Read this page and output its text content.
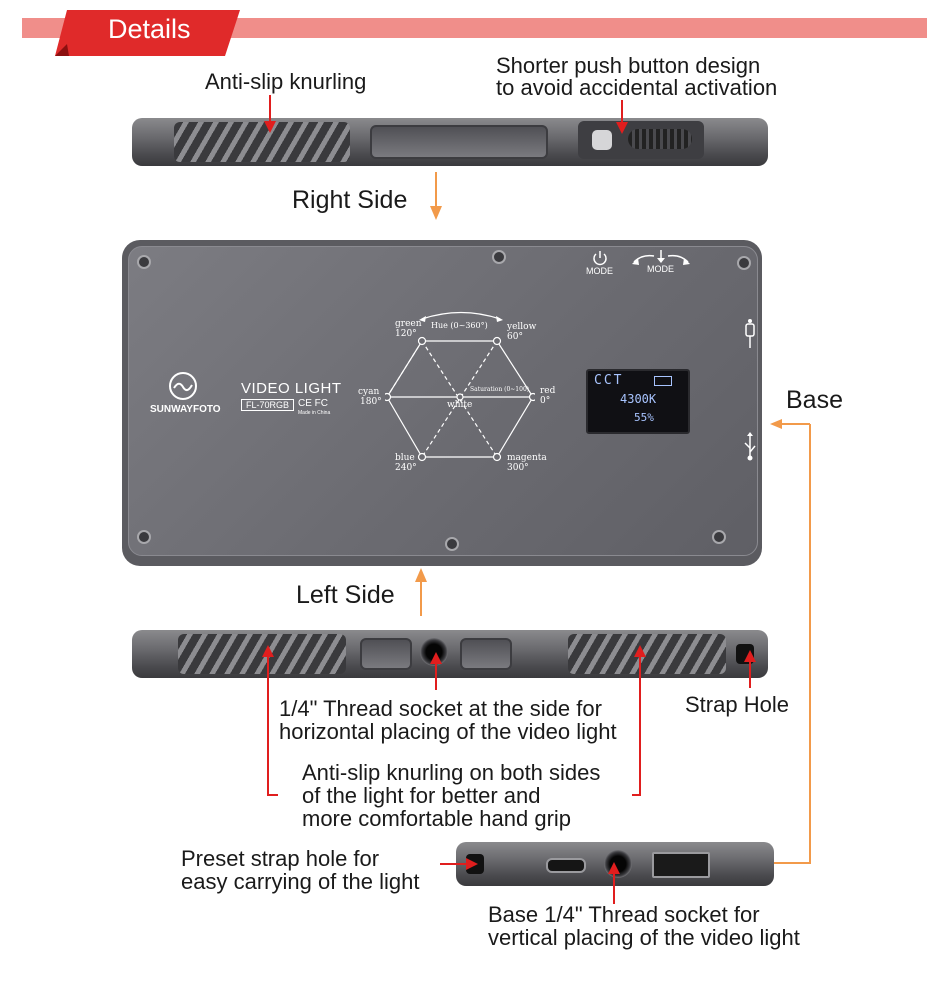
Details
Anti-slip knurling
Shorter push button design
to avoid accidental activation
Right Side
MODE	MODE
SUNWAYFOTO
VIDEO LIGHT
FL-70RGB CE FC
Made in China
Hue (0~360°)
Saturation (0~100)
white
green
120°
yellow
60°
cyan
180°
red
0°
blue
240°
magenta
300°
CCT
4300K
55%
Base
Left Side
1/4" Thread socket at the side for
horizontal placing of the video light
Strap Hole
Anti-slip knurling on both sides
of the light for better and
more comfortable hand grip
Preset strap hole for
easy carrying of the light
Base 1/4" Thread socket for
vertical placing of the video light
